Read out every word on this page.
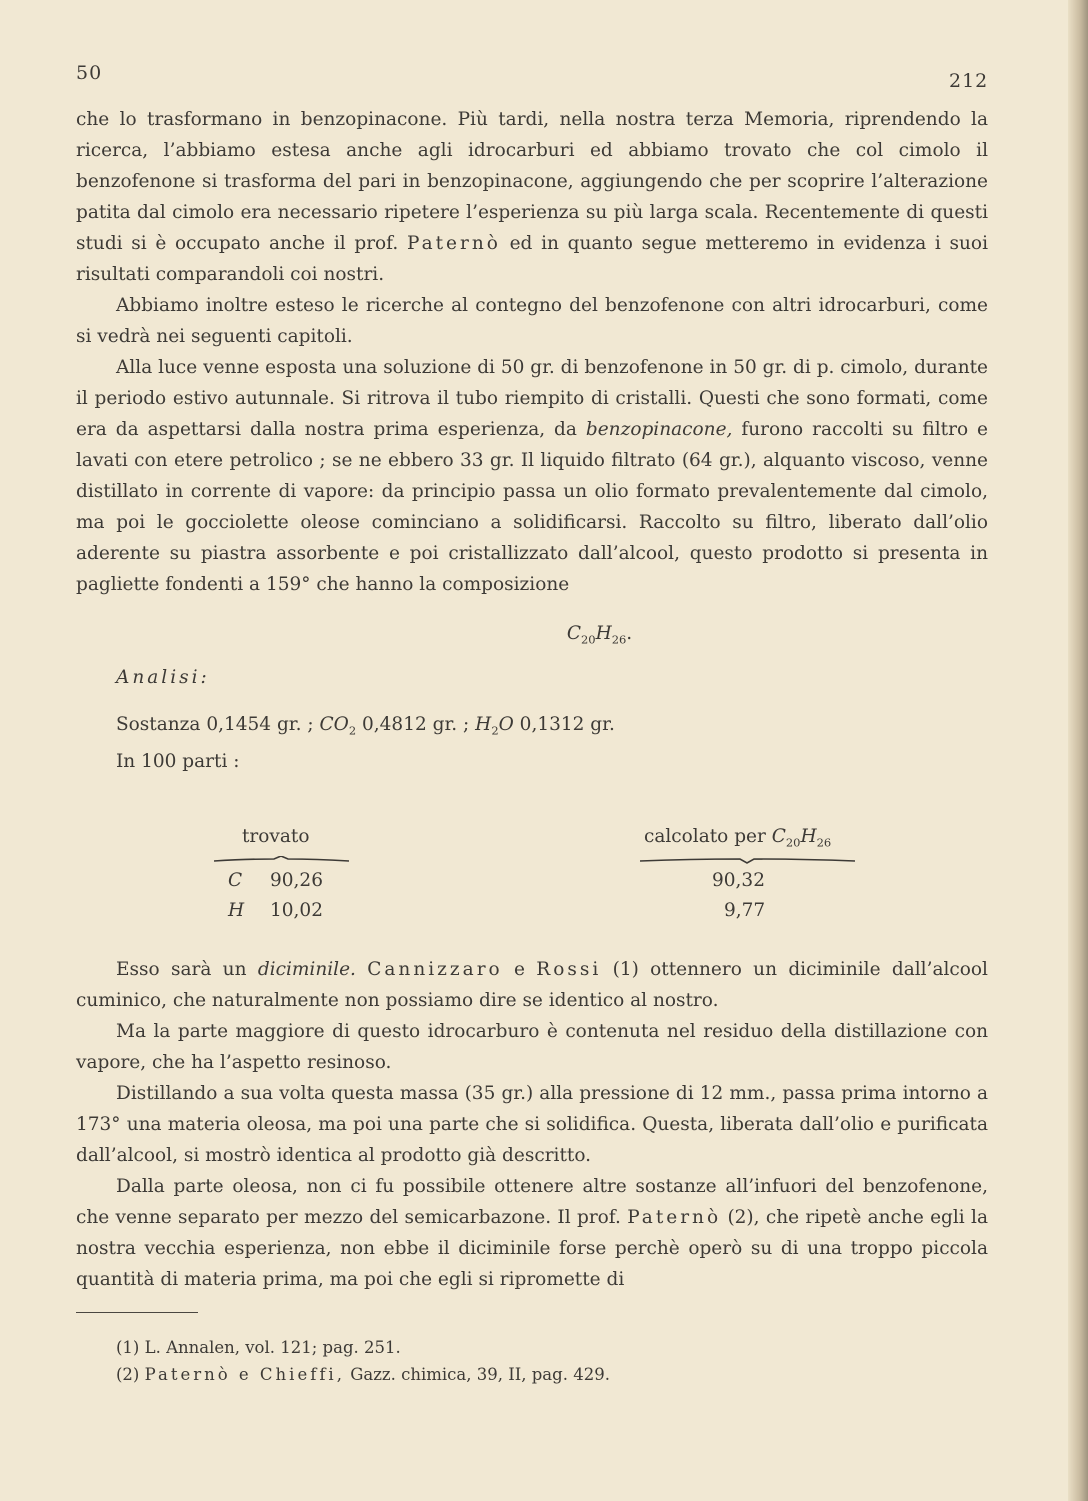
50	212

che lo trasformano in benzopinacone. Più tardi, nella nostra terza Memoria, riprendendo la ricerca, l’abbiamo estesa anche agli idrocarburi ed abbiamo trovato che col cimolo il benzofenone si trasforma del pari in benzopinacone, aggiungendo che per scoprire l’alterazione patita dal cimolo era necessario ripetere l’esperienza su più larga scala. Recentemente di questi studi si è occupato anche il prof. Paternò ed in quanto segue metteremo in evidenza i suoi risultati comparandoli coi nostri.

Abbiamo inoltre esteso le ricerche al contegno del benzofenone con altri idrocarburi, come si vedrà nei seguenti capitoli.

Alla luce venne esposta una soluzione di 50 gr. di benzofenone in 50 gr. di p. cimolo, durante il periodo estivo autunnale. Si ritrova il tubo riempito di cristalli. Questi che sono formati, come era da aspettarsi dalla nostra prima esperienza, da benzopinacone, furono raccolti su filtro e lavati con etere petrolico ; se ne ebbero 33 gr. Il liquido filtrato (64 gr.), alquanto viscoso, venne distillato in corrente di vapore: da principio passa un olio formato prevalentemente dal cimolo, ma poi le gocciolette oleose cominciano a solidificarsi. Raccolto su filtro, liberato dall’olio aderente su piastra assorbente e poi cristallizzato dall’alcool, questo prodotto si presenta in pagliette fondenti a 159° che hanno la composizione

$C_{20}H_{26}$.

Analisi:

Sostanza 0,1454 gr. ; $CO_2$ 0,4812 gr. ; $H_2O$ 0,1312 gr.

In 100 parti :

trovato	calcolato per $C_{20}H_{26}$
C 90,26	90,32
H 10,02	9,77

Esso sarà un diciminile. Cannizzaro e Rossi (1) ottennero un diciminile dall’alcool cuminico, che naturalmente non possiamo dire se identico al nostro.

Ma la parte maggiore di questo idrocarburo è contenuta nel residuo della distillazione con vapore, che ha l’aspetto resinoso.

Distillando a sua volta questa massa (35 gr.) alla pressione di 12 mm., passa prima intorno a 173° una materia oleosa, ma poi una parte che si solidifica. Questa, liberata dall’olio e purificata dall’alcool, si mostrò identica al prodotto già descritto.

Dalla parte oleosa, non ci fu possibile ottenere altre sostanze all’infuori del benzofenone, che venne separato per mezzo del semicarbazone. Il prof. Paternò (2), che ripetè anche egli la nostra vecchia esperienza, non ebbe il diciminile forse perchè operò su di una troppo piccola quantità di materia prima, ma poi che egli si ripromette di

(1) L. Annalen, vol. 121; pag. 251.
(2) Paternò e Chieffi, Gazz. chimica, 39, II, pag. 429.
